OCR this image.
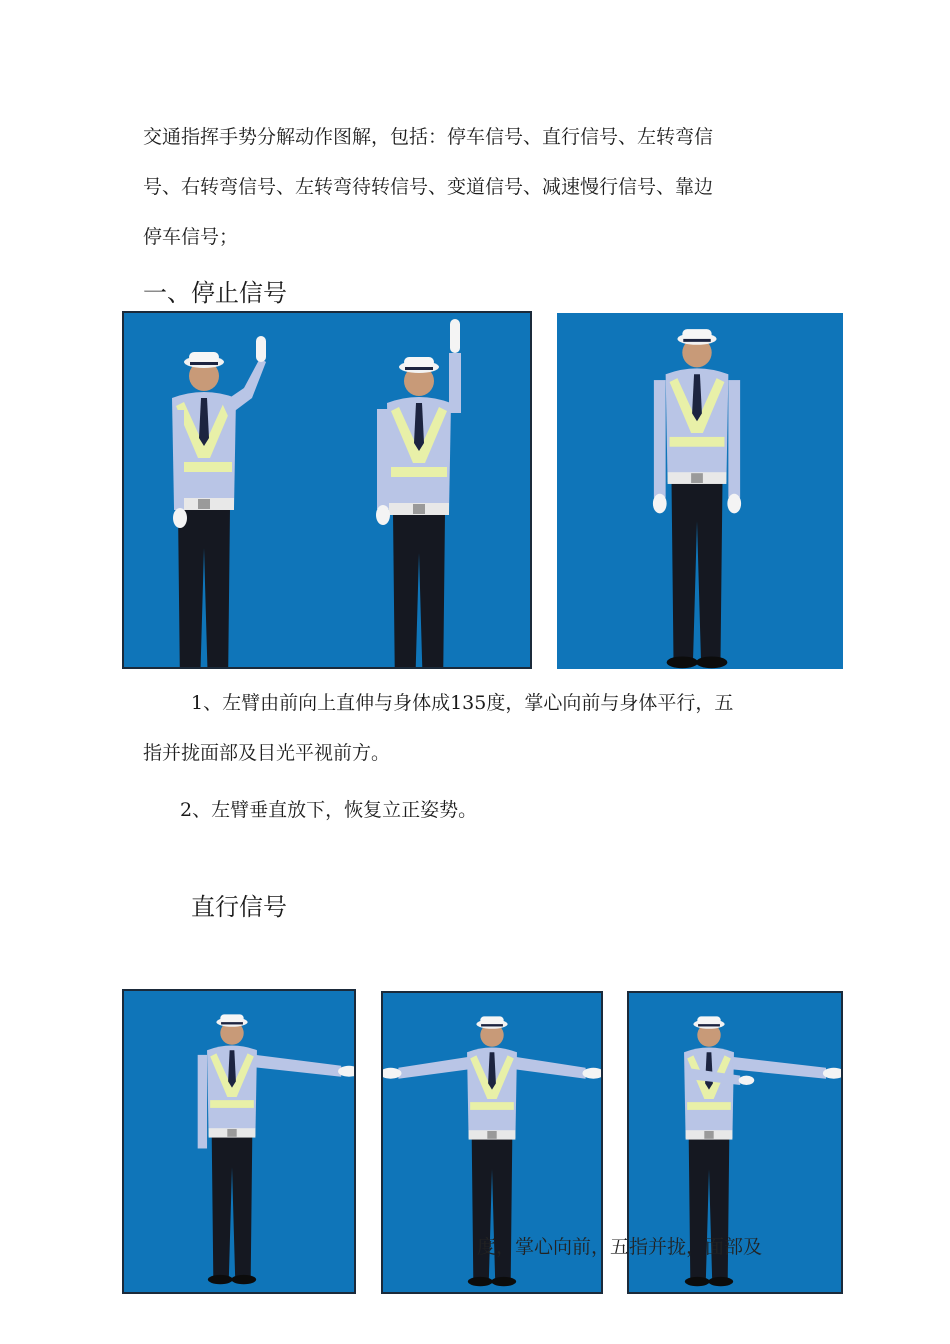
交通指挥手势分解动作图解，包括：停车信号、直行信号、左转弯信
号、右转弯信号、左转弯待转信号、变道信号、减速慢行信号、靠边
停车信号；
一、停止信号
1、左臂由前向上直伸与身体成135度，掌心向前与身体平行，五
指并拢面部及目光平视前方。
2、左臂垂直放下，恢复立正姿势。
直行信号
度，掌心向前，五指并拢，面部及
